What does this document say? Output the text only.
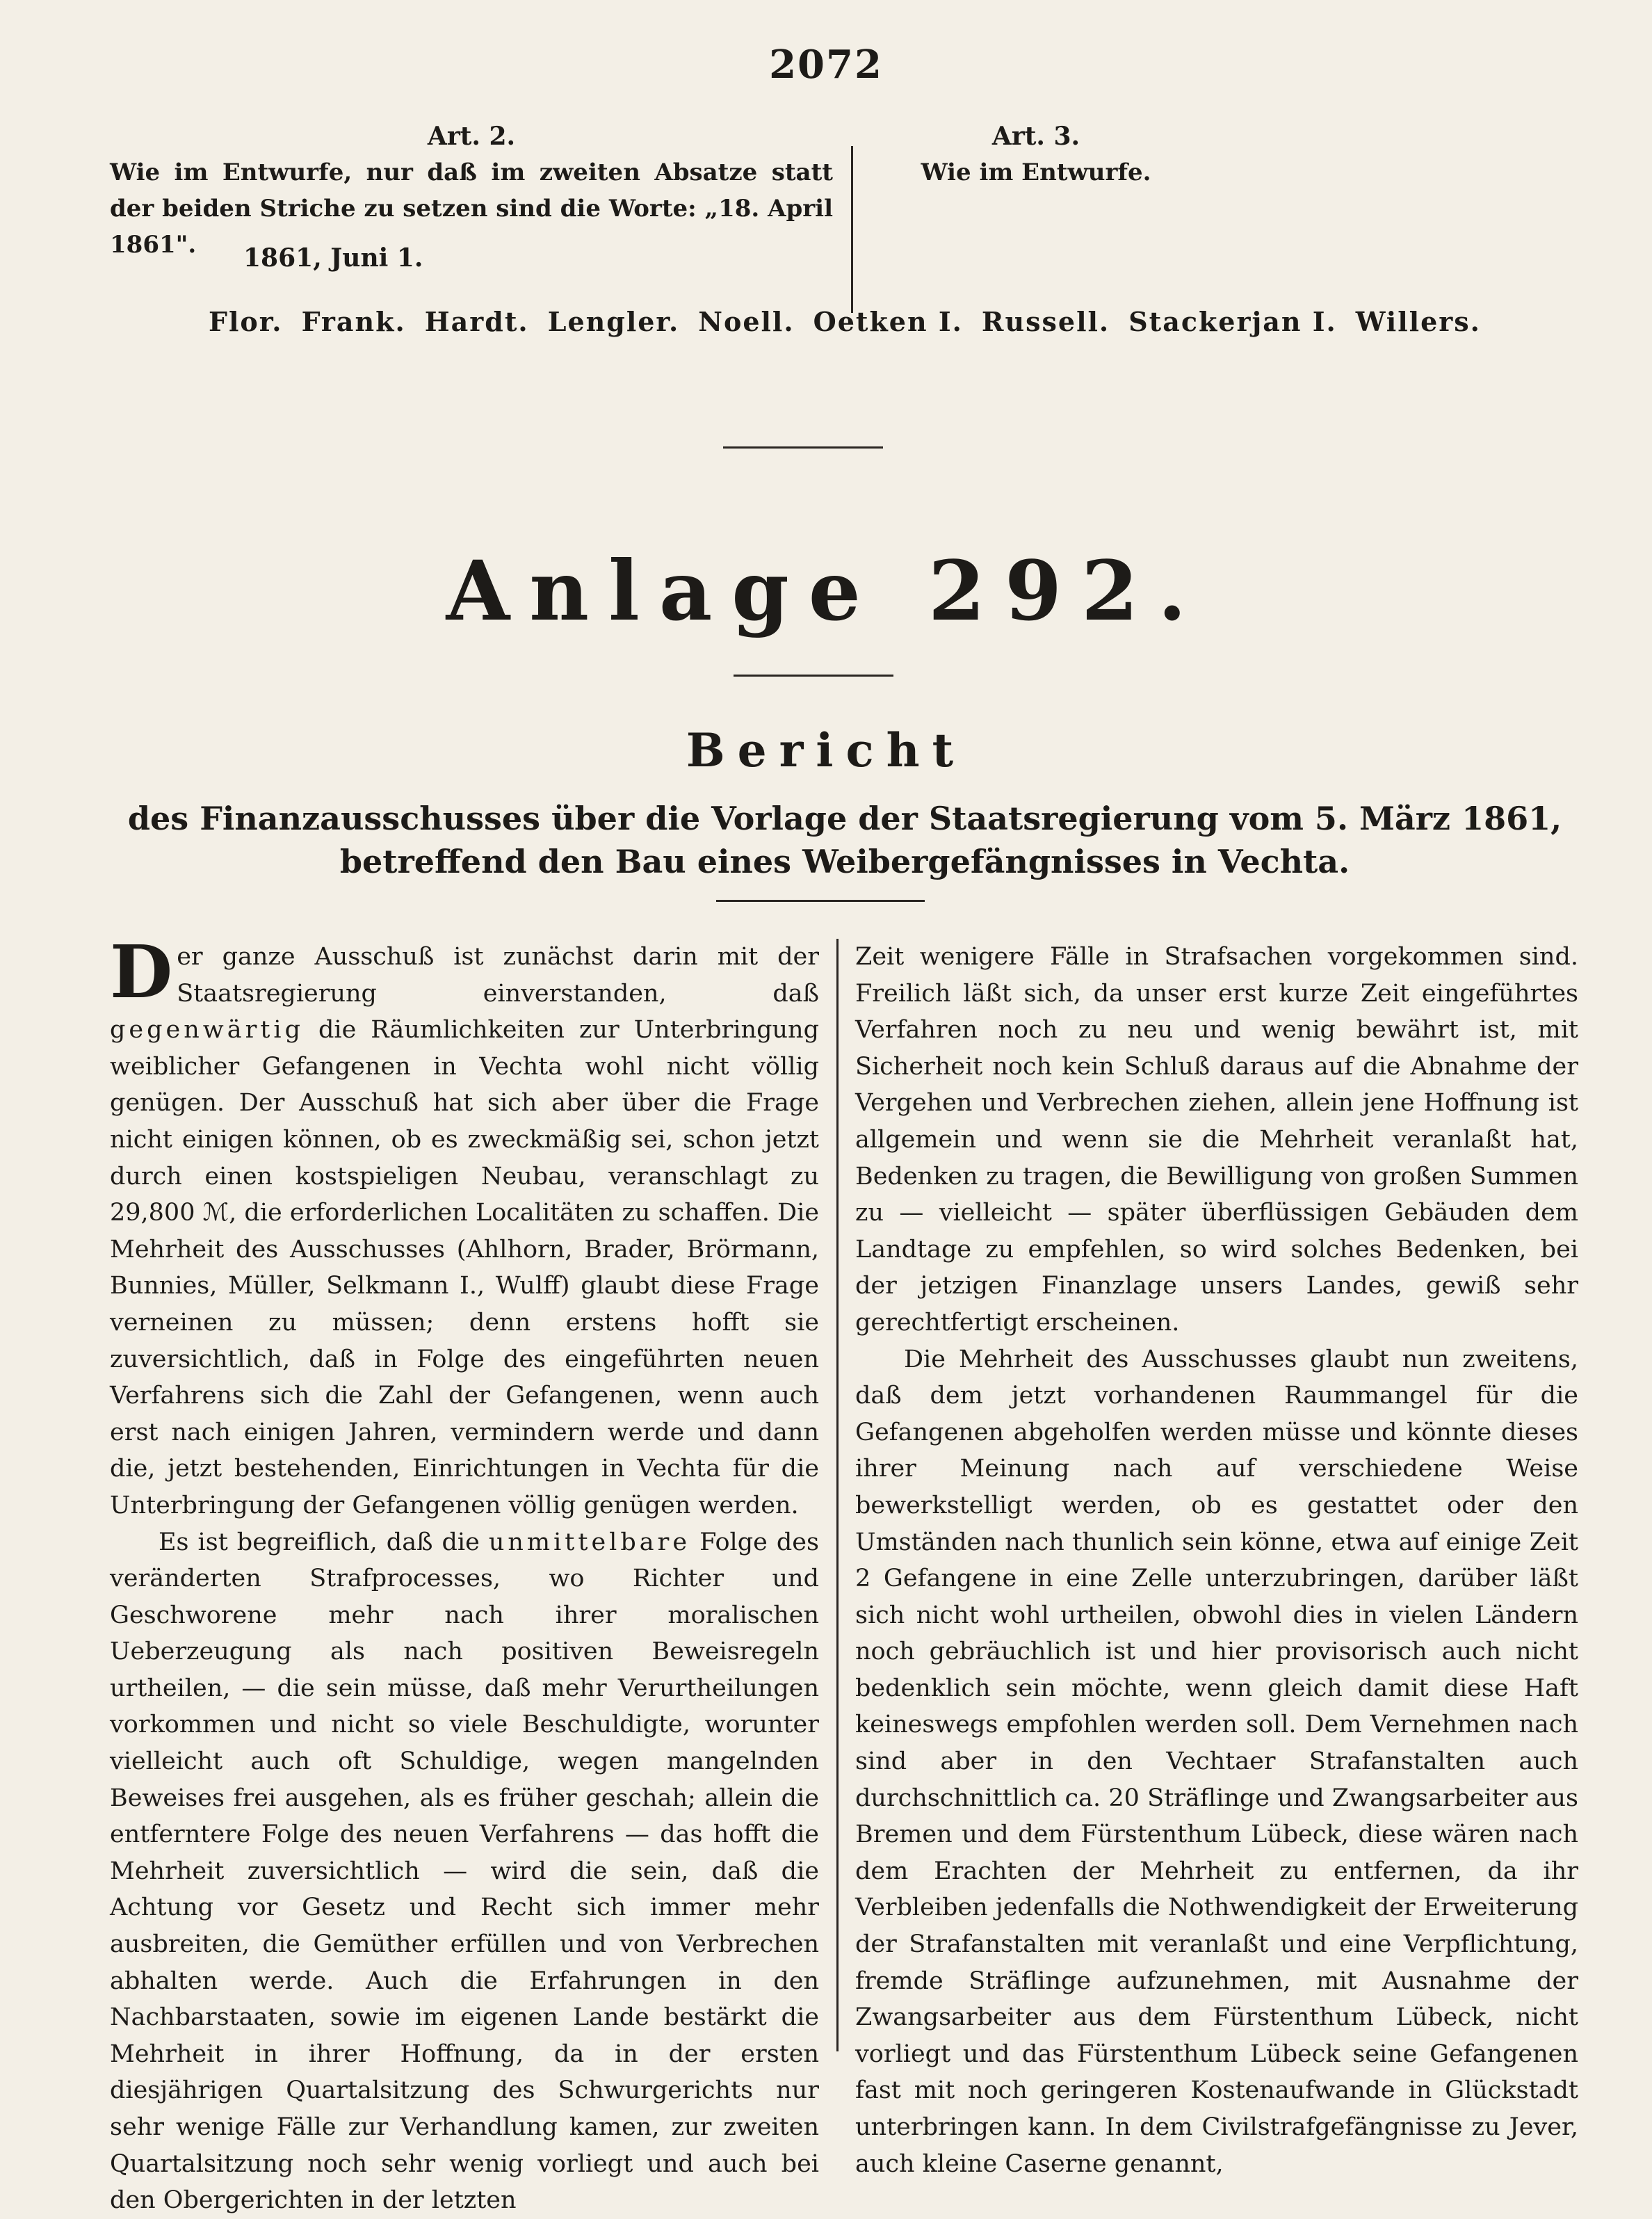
2072
Art. 2.
Wie im Entwurfe, nur daß im zweiten Absatze statt der beiden Striche zu setzen sind die Worte: „18. April 1861".
Art. 3.
Wie im Entwurfe.
1861, Juni 1.
Flor. Frank. Hardt. Lengler. Noell. Oetken I. Russell. Stackerjan I. Willers.
Anlage 292.
Bericht
des Finanzausschusses über die Vorlage der Staatsregierung vom 5. März 1861, betreffend den Bau eines Weibergefängnisses in Vechta.

Der ganze Ausschuß ist zunächst darin mit der Staatsregierung einverstanden, daß gegenwärtig die Räumlichkeiten zur Unterbringung weiblicher Gefangenen in Vechta wohl nicht völlig genügen. Der Ausschuß hat sich aber über die Frage nicht einigen können, ob es zweckmäßig sei, schon jetzt durch einen kostspieligen Neubau, veranschlagt zu 29,800 ℳ, die erforderlichen Localitäten zu schaffen. Die Mehrheit des Ausschusses (Ahlhorn, Brader, Brörmann, Bunnies, Müller, Selkmann I., Wulff) glaubt diese Frage verneinen zu müssen; denn erstens hofft sie zuversichtlich, daß in Folge des eingeführten neuen Verfahrens sich die Zahl der Gefangenen, wenn auch erst nach einigen Jahren, vermindern werde und dann die, jetzt bestehenden, Einrichtungen in Vechta für die Unterbringung der Gefangenen völlig genügen werden.

Es ist begreiflich, daß die unmittelbare Folge des veränderten Strafprocesses, wo Richter und Geschworene mehr nach ihrer moralischen Ueberzeugung als nach positiven Beweisregeln urtheilen, — die sein müsse, daß mehr Verurtheilungen vorkommen und nicht so viele Beschuldigte, worunter vielleicht auch oft Schuldige, wegen mangelnden Beweises frei ausgehen, als es früher geschah; allein die entferntere Folge des neuen Verfahrens — das hofft die Mehrheit zuversichtlich — wird die sein, daß die Achtung vor Gesetz und Recht sich immer mehr ausbreiten, die Gemüther erfüllen und von Verbrechen abhalten werde. Auch die Erfahrungen in den Nachbarstaaten, sowie im eigenen Lande bestärkt die Mehrheit in ihrer Hoffnung, da in der ersten diesjährigen Quartalsitzung des Schwurgerichts nur sehr wenige Fälle zur Verhandlung kamen, zur zweiten Quartalsitzung noch sehr wenig vorliegt und auch bei den Obergerichten in der letzten

Zeit wenigere Fälle in Strafsachen vorgekommen sind. Freilich läßt sich, da unser erst kurze Zeit eingeführtes Verfahren noch zu neu und wenig bewährt ist, mit Sicherheit noch kein Schluß daraus auf die Abnahme der Vergehen und Verbrechen ziehen, allein jene Hoffnung ist allgemein und wenn sie die Mehrheit veranlaßt hat, Bedenken zu tragen, die Bewilligung von großen Summen zu — vielleicht — später überflüssigen Gebäuden dem Landtage zu empfehlen, so wird solches Bedenken, bei der jetzigen Finanzlage unsers Landes, gewiß sehr gerechtfertigt erscheinen.

Die Mehrheit des Ausschusses glaubt nun zweitens, daß dem jetzt vorhandenen Raummangel für die Gefangenen abgeholfen werden müsse und könnte dieses ihrer Meinung nach auf verschiedene Weise bewerkstelligt werden, ob es gestattet oder den Umständen nach thunlich sein könne, etwa auf einige Zeit 2 Gefangene in eine Zelle unterzubringen, darüber läßt sich nicht wohl urtheilen, obwohl dies in vielen Ländern noch gebräuchlich ist und hier provisorisch auch nicht bedenklich sein möchte, wenn gleich damit diese Haft keineswegs empfohlen werden soll. Dem Vernehmen nach sind aber in den Vechtaer Strafanstalten auch durchschnittlich ca. 20 Sträflinge und Zwangsarbeiter aus Bremen und dem Fürstenthum Lübeck, diese wären nach dem Erachten der Mehrheit zu entfernen, da ihr Verbleiben jedenfalls die Nothwendigkeit der Erweiterung der Strafanstalten mit veranlaßt und eine Verpflichtung, fremde Sträflinge aufzunehmen, mit Ausnahme der Zwangsarbeiter aus dem Fürstenthum Lübeck, nicht vorliegt und das Fürstenthum Lübeck seine Gefangenen fast mit noch geringeren Kostenaufwande in Glückstadt unterbringen kann. In dem Civilstrafgefängnisse zu Jever, auch kleine Caserne genannt,
